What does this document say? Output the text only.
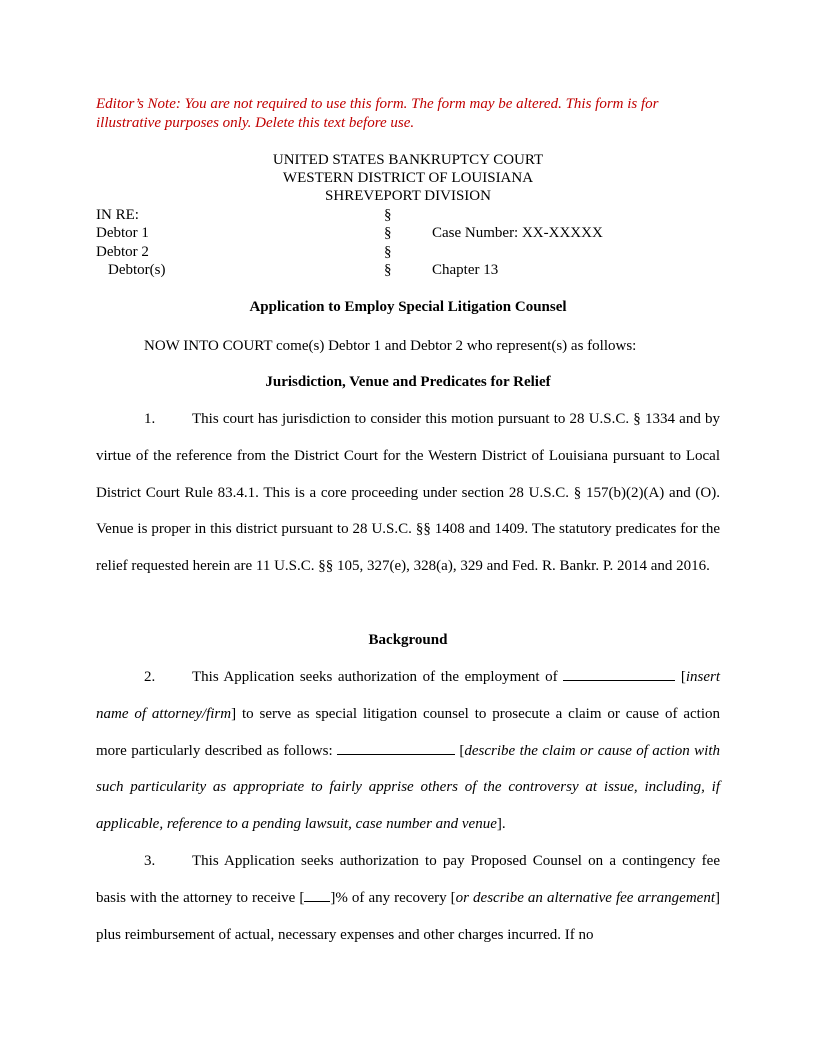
Editor’s Note: You are not required to use this form. The form may be altered. This form is for
illustrative purposes only. Delete this text before use.
UNITED STATES BANKRUPTCY COURT
WESTERN DISTRICT OF LOUISIANA
SHREVEPORT DIVISION
IN RE:	§
Debtor 1	§	Case Number: XX-XXXXX
Debtor 2	§
Debtor(s)	§	Chapter 13
Application to Employ Special Litigation Counsel
NOW INTO COURT come(s) Debtor 1 and Debtor 2 who represent(s) as follows:
Jurisdiction, Venue and Predicates for Relief
1. This court has jurisdiction to consider this motion pursuant to 28 U.S.C. § 1334 and by virtue of the reference from the District Court for the Western District of Louisiana pursuant to Local District Court Rule 83.4.1. This is a core proceeding under section 28 U.S.C. § 157(b)(2)(A) and (O). Venue is proper in this district pursuant to 28 U.S.C. §§ 1408 and 1409. The statutory predicates for the relief requested herein are 11 U.S.C. §§ 105, 327(e), 328(a), 329 and Fed. R. Bankr. P. 2014 and 2016.
Background
2. This Application seeks authorization of the employment of	[insert name of attorney/firm] to serve as special litigation counsel to prosecute a claim or cause of action more particularly described as follows:	[describe the claim or cause of action with such particularity as appropriate to fairly apprise others of the controversy at issue, including, if applicable, reference to a pending lawsuit, case number and venue].
3. This Application seeks authorization to pay Proposed Counsel on a contingency fee basis with the attorney to receive [ ]% of any recovery [or describe an alternative fee arrangement] plus reimbursement of actual, necessary expenses and other charges incurred. If no
